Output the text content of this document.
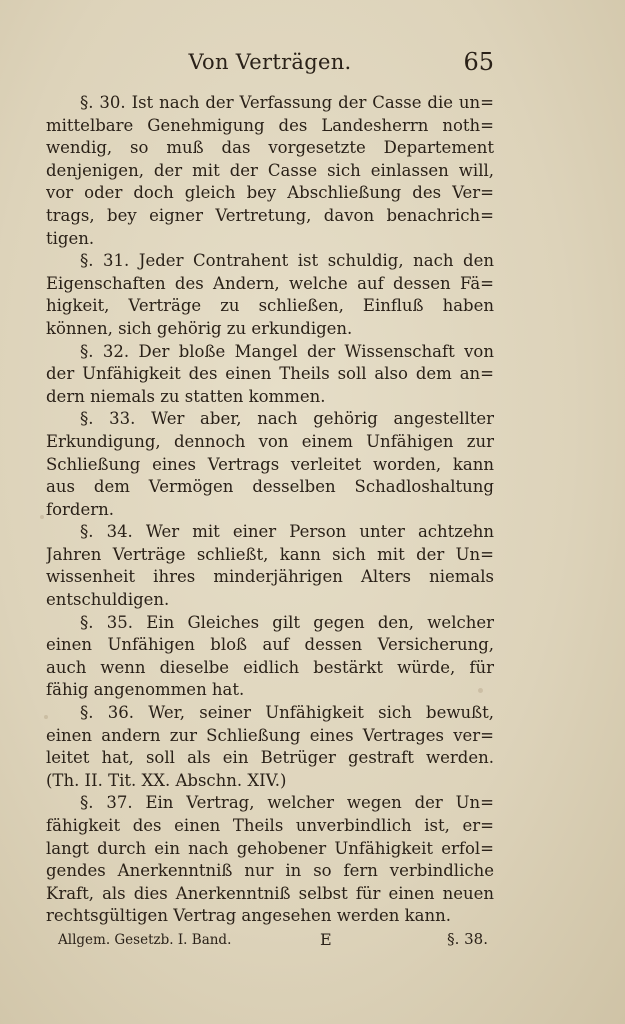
Von Verträgen.	65
§. 30. Ist nach der Verfassung der Casse die un=
mittelbare Genehmigung des Landesherrn noth=
wendig, so muß das vorgesetzte Departement
denjenigen, der mit der Casse sich einlassen will,
vor oder doch gleich bey Abschließung des Ver=
trags, bey eigner Vertretung, davon benachrich=
tigen.
§. 31. Jeder Contrahent ist schuldig, nach den
Eigenschaften des Andern, welche auf dessen Fä=
higkeit, Verträge zu schließen, Einfluß haben
können, sich gehörig zu erkundigen.
§. 32. Der bloße Mangel der Wissenschaft von
der Unfähigkeit des einen Theils soll also dem an=
dern niemals zu statten kommen.
§. 33. Wer aber, nach gehörig angestellter
Erkundigung, dennoch von einem Unfähigen zur
Schließung eines Vertrags verleitet worden, kann
aus dem Vermögen desselben Schadloshaltung
fordern.
§. 34. Wer mit einer Person unter achtzehn
Jahren Verträge schließt, kann sich mit der Un=
wissenheit ihres minderjährigen Alters niemals
entschuldigen.
§. 35. Ein Gleiches gilt gegen den, welcher
einen Unfähigen bloß auf dessen Versicherung,
auch wenn dieselbe eidlich bestärkt würde, für
fähig angenommen hat.
§. 36. Wer, seiner Unfähigkeit sich bewußt,
einen andern zur Schließung eines Vertrages ver=
leitet hat, soll als ein Betrüger gestraft werden.
(Th. II. Tit. XX. Abschn. XIV.)
§. 37. Ein Vertrag, welcher wegen der Un=
fähigkeit des einen Theils unverbindlich ist, er=
langt durch ein nach gehobener Unfähigkeit erfol=
gendes Anerkenntniß nur in so fern verbindliche
Kraft, als dies Anerkenntniß selbst für einen neuen
rechtsgültigen Vertrag angesehen werden kann.
Allgem. Gesetzb. I. Band.	E	§. 38.
